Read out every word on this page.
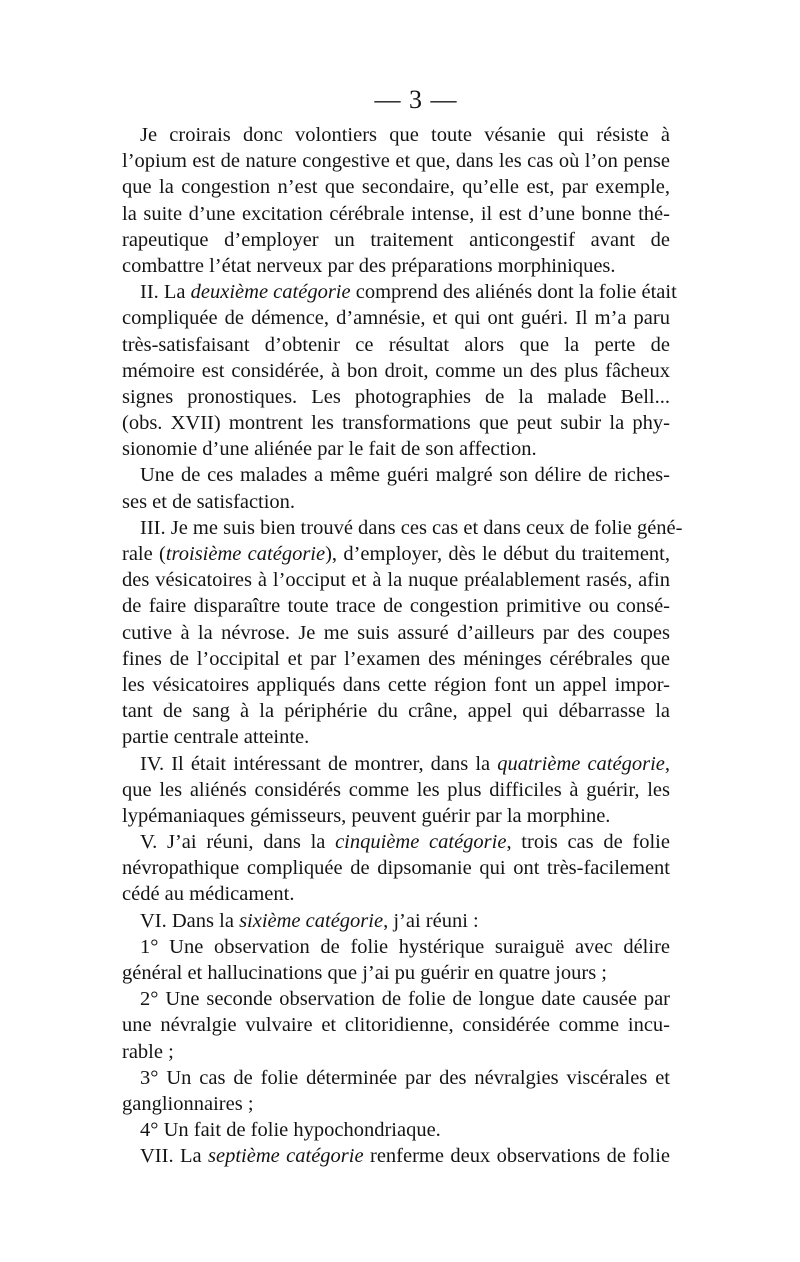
— 3 —
Je croirais donc volontiers que toute vésanie qui résiste à
l’opium est de nature congestive et que, dans les cas où l’on pense
que la congestion n’est que secondaire, qu’elle est, par exemple,
la suite d’une excitation cérébrale intense, il est d’une bonne thé-
rapeutique d’employer un traitement anticongestif avant de
combattre l’état nerveux par des préparations morphiniques.
II. La deuxième catégorie comprend des aliénés dont la folie était
compliquée de démence, d’amnésie, et qui ont guéri. Il m’a paru
très-satisfaisant d’obtenir ce résultat alors que la perte de
mémoire est considérée, à bon droit, comme un des plus fâcheux
signes pronostiques. Les photographies de la malade Bell...
(obs. XVII) montrent les transformations que peut subir la phy-
sionomie d’une aliénée par le fait de son affection.
Une de ces malades a même guéri malgré son délire de riches-
ses et de satisfaction.
III. Je me suis bien trouvé dans ces cas et dans ceux de folie géné-
rale (troisième catégorie), d’employer, dès le début du traitement,
des vésicatoires à l’occiput et à la nuque préalablement rasés, afin
de faire disparaître toute trace de congestion primitive ou consé-
cutive à la névrose. Je me suis assuré d’ailleurs par des coupes
fines de l’occipital et par l’examen des méninges cérébrales que
les vésicatoires appliqués dans cette région font un appel impor-
tant de sang à la périphérie du crâne, appel qui débarrasse la
partie centrale atteinte.
IV. Il était intéressant de montrer, dans la quatrième catégorie,
que les aliénés considérés comme les plus difficiles à guérir, les
lypémaniaques gémisseurs, peuvent guérir par la morphine.
V. J’ai réuni, dans la cinquième catégorie, trois cas de folie
névropathique compliquée de dipsomanie qui ont très-facilement
cédé au médicament.
VI. Dans la sixième catégorie, j’ai réuni :
1° Une observation de folie hystérique suraiguë avec délire
général et hallucinations que j’ai pu guérir en quatre jours ;
2° Une seconde observation de folie de longue date causée par
une névralgie vulvaire et clitoridienne, considérée comme incu-
rable ;
3° Un cas de folie déterminée par des névralgies viscérales et
ganglionnaires ;
4° Un fait de folie hypochondriaque.
VII. La septième catégorie renferme deux observations de folie
